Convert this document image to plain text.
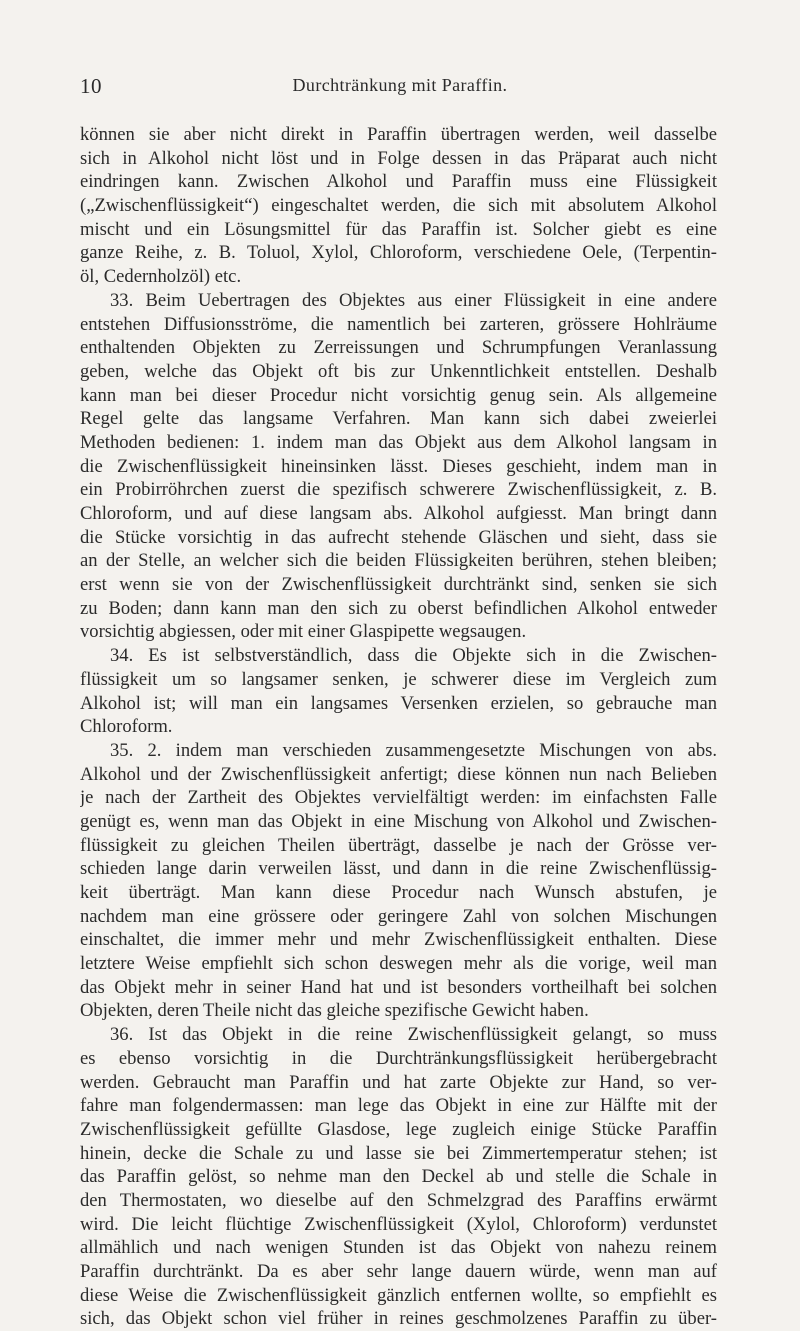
10	Durchtränkung mit Paraffin.
können sie aber nicht direkt in Paraffin übertragen werden, weil dasselbe
sich in Alkohol nicht löst und in Folge dessen in das Präparat auch nicht
eindringen kann. Zwischen Alkohol und Paraffin muss eine Flüssigkeit
(„Zwischenflüssigkeit“) eingeschaltet werden, die sich mit absolutem Alkohol
mischt und ein Lösungsmittel für das Paraffin ist. Solcher giebt es eine
ganze Reihe, z. B. Toluol, Xylol, Chloroform, verschiedene Oele, (Terpentin-
öl, Cedernholzöl) etc.
33. Beim Uebertragen des Objektes aus einer Flüssigkeit in eine andere
entstehen Diffusionsströme, die namentlich bei zarteren, grössere Hohlräume
enthaltenden Objekten zu Zerreissungen und Schrumpfungen Veranlassung
geben, welche das Objekt oft bis zur Unkenntlichkeit entstellen. Deshalb
kann man bei dieser Procedur nicht vorsichtig genug sein. Als allgemeine
Regel gelte das langsame Verfahren. Man kann sich dabei zweierlei
Methoden bedienen: 1. indem man das Objekt aus dem Alkohol langsam in
die Zwischenflüssigkeit hineinsinken lässt. Dieses geschieht, indem man in
ein Probirröhrchen zuerst die spezifisch schwerere Zwischenflüssigkeit, z. B.
Chloroform, und auf diese langsam abs. Alkohol aufgiesst. Man bringt dann
die Stücke vorsichtig in das aufrecht stehende Gläschen und sieht, dass sie
an der Stelle, an welcher sich die beiden Flüssigkeiten berühren, stehen bleiben;
erst wenn sie von der Zwischenflüssigkeit durchtränkt sind, senken sie sich
zu Boden; dann kann man den sich zu oberst befindlichen Alkohol entweder
vorsichtig abgiessen, oder mit einer Glaspipette wegsaugen.
34. Es ist selbstverständlich, dass die Objekte sich in die Zwischen-
flüssigkeit um so langsamer senken, je schwerer diese im Vergleich zum
Alkohol ist; will man ein langsames Versenken erzielen, so gebrauche man
Chloroform.
35. 2. indem man verschieden zusammengesetzte Mischungen von abs.
Alkohol und der Zwischenflüssigkeit anfertigt; diese können nun nach Belieben
je nach der Zartheit des Objektes vervielfältigt werden: im einfachsten Falle
genügt es, wenn man das Objekt in eine Mischung von Alkohol und Zwischen-
flüssigkeit zu gleichen Theilen überträgt, dasselbe je nach der Grösse ver-
schieden lange darin verweilen lässt, und dann in die reine Zwischenflüssig-
keit überträgt. Man kann diese Procedur nach Wunsch abstufen, je
nachdem man eine grössere oder geringere Zahl von solchen Mischungen
einschaltet, die immer mehr und mehr Zwischenflüssigkeit enthalten. Diese
letztere Weise empfiehlt sich schon deswegen mehr als die vorige, weil man
das Objekt mehr in seiner Hand hat und ist besonders vortheilhaft bei solchen
Objekten, deren Theile nicht das gleiche spezifische Gewicht haben.
36. Ist das Objekt in die reine Zwischenflüssigkeit gelangt, so muss
es ebenso vorsichtig in die Durchtränkungsflüssigkeit herübergebracht
werden. Gebraucht man Paraffin und hat zarte Objekte zur Hand, so ver-
fahre man folgendermassen: man lege das Objekt in eine zur Hälfte mit der
Zwischenflüssigkeit gefüllte Glasdose, lege zugleich einige Stücke Paraffin
hinein, decke die Schale zu und lasse sie bei Zimmertemperatur stehen; ist
das Paraffin gelöst, so nehme man den Deckel ab und stelle die Schale in
den Thermostaten, wo dieselbe auf den Schmelzgrad des Paraffins erwärmt
wird. Die leicht flüchtige Zwischenflüssigkeit (Xylol, Chloroform) verdunstet
allmählich und nach wenigen Stunden ist das Objekt von nahezu reinem
Paraffin durchtränkt. Da es aber sehr lange dauern würde, wenn man auf
diese Weise die Zwischenflüssigkeit gänzlich entfernen wollte, so empfiehlt es
sich, das Objekt schon viel früher in reines geschmolzenes Paraffin zu über-
